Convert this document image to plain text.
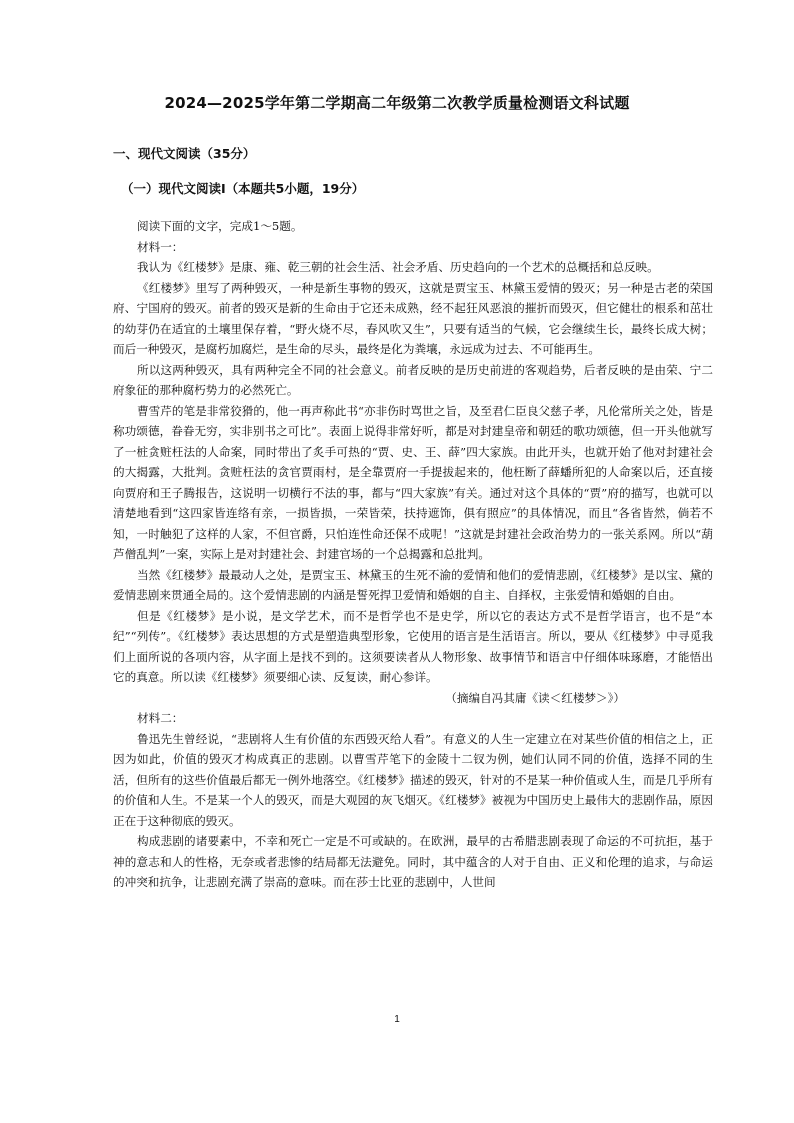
2024—2025学年第二学期高二年级第二次教学质量检测语文科试题
一、现代文阅读（35分）
（一）现代文阅读Ⅰ（本题共5小题，19分）

阅读下面的文字，完成1～5题。

材料一：

我认为《红楼梦》是康、雍、乾三朝的社会生活、社会矛盾、历史趋向的一个艺术的总概括和总反映。

《红楼梦》里写了两种毁灭，一种是新生事物的毁灭，这就是贾宝玉、林黛玉爱情的毁灭；另一种是古老的荣国府、宁国府的毁灭。前者的毁灭是新的生命由于它还未成熟，经不起狂风恶浪的摧折而毁灭，但它健壮的根系和茁壮的幼芽仍在适宜的土壤里保存着，“野火烧不尽，春风吹又生”，只要有适当的气候，它会继续生长，最终长成大树；而后一种毁灭，是腐朽加腐烂，是生命的尽头，最终是化为粪壤，永远成为过去、不可能再生。

所以这两种毁灭，具有两种完全不同的社会意义。前者反映的是历史前进的客观趋势，后者反映的是由荣、宁二府象征的那种腐朽势力的必然死亡。

曹雪芹的笔是非常狡猾的，他一再声称此书“亦非伤时骂世之旨，及至君仁臣良父慈子孝，凡伦常所关之处，皆是称功颂德，眷眷无穷，实非别书之可比”。表面上说得非常好听，都是对封建皇帝和朝廷的歌功颂德，但一开头他就写了一桩贪赃枉法的人命案，同时带出了炙手可热的“贾、史、王、薛”四大家族。由此开头，也就开始了他对封建社会的大揭露，大批判。贪赃枉法的贪官贾雨村，是全靠贾府一手提拔起来的，他枉断了薛蟠所犯的人命案以后，还直接向贾府和王子腾报告，这说明一切横行不法的事，都与“四大家族”有关。通过对这个具体的“贾”府的描写，也就可以清楚地看到“这四家皆连络有亲，一损皆损，一荣皆荣，扶持遮饰，俱有照应”的具体情况，而且“各省皆然，倘若不知，一时触犯了这样的人家，不但官爵，只怕连性命还保不成呢！”这就是封建社会政治势力的一张关系网。所以“葫芦僧乱判”一案，实际上是对封建社会、封建官场的一个总揭露和总批判。

当然《红楼梦》最最动人之处，是贾宝玉、林黛玉的生死不渝的爱情和他们的爱情悲剧，《红楼梦》是以宝、黛的爱情悲剧来贯通全局的。这个爱情悲剧的内涵是誓死捍卫爱情和婚姻的自主、自择权，主张爱情和婚姻的自由。

但是《红楼梦》是小说，是文学艺术，而不是哲学也不是史学，所以它的表达方式不是哲学语言，也不是“本纪”“列传”。《红楼梦》表达思想的方式是塑造典型形象，它使用的语言是生活语言。所以，要从《红楼梦》中寻觅我们上面所说的各项内容，从字面上是找不到的。这须要读者从人物形象、故事情节和语言中仔细体味琢磨，才能悟出它的真意。所以读《红楼梦》须要细心读、反复读，耐心参详。

（摘编自冯其庸《读＜红楼梦＞》）

材料二：

鲁迅先生曾经说，“悲剧将人生有价值的东西毁灭给人看”。有意义的人生一定建立在对某些价值的相信之上，正因为如此，价值的毁灭才构成真正的悲剧。以曹雪芹笔下的金陵十二钗为例，她们认同不同的价值，选择不同的生活，但所有的这些价值最后都无一例外地落空。《红楼梦》描述的毁灭，针对的不是某一种价值或人生，而是几乎所有的价值和人生。不是某一个人的毁灭，而是大观园的灰飞烟灭。《红楼梦》被视为中国历史上最伟大的悲剧作品，原因正在于这种彻底的毁灭。

构成悲剧的诸要素中，不幸和死亡一定是不可或缺的。在欧洲，最早的古希腊悲剧表现了命运的不可抗拒，基于神的意志和人的性格，无奈或者悲惨的结局都无法避免。同时，其中蕴含的人对于自由、正义和伦理的追求，与命运的冲突和抗争，让悲剧充满了崇高的意味。而在莎士比亚的悲剧中，人世间

1
